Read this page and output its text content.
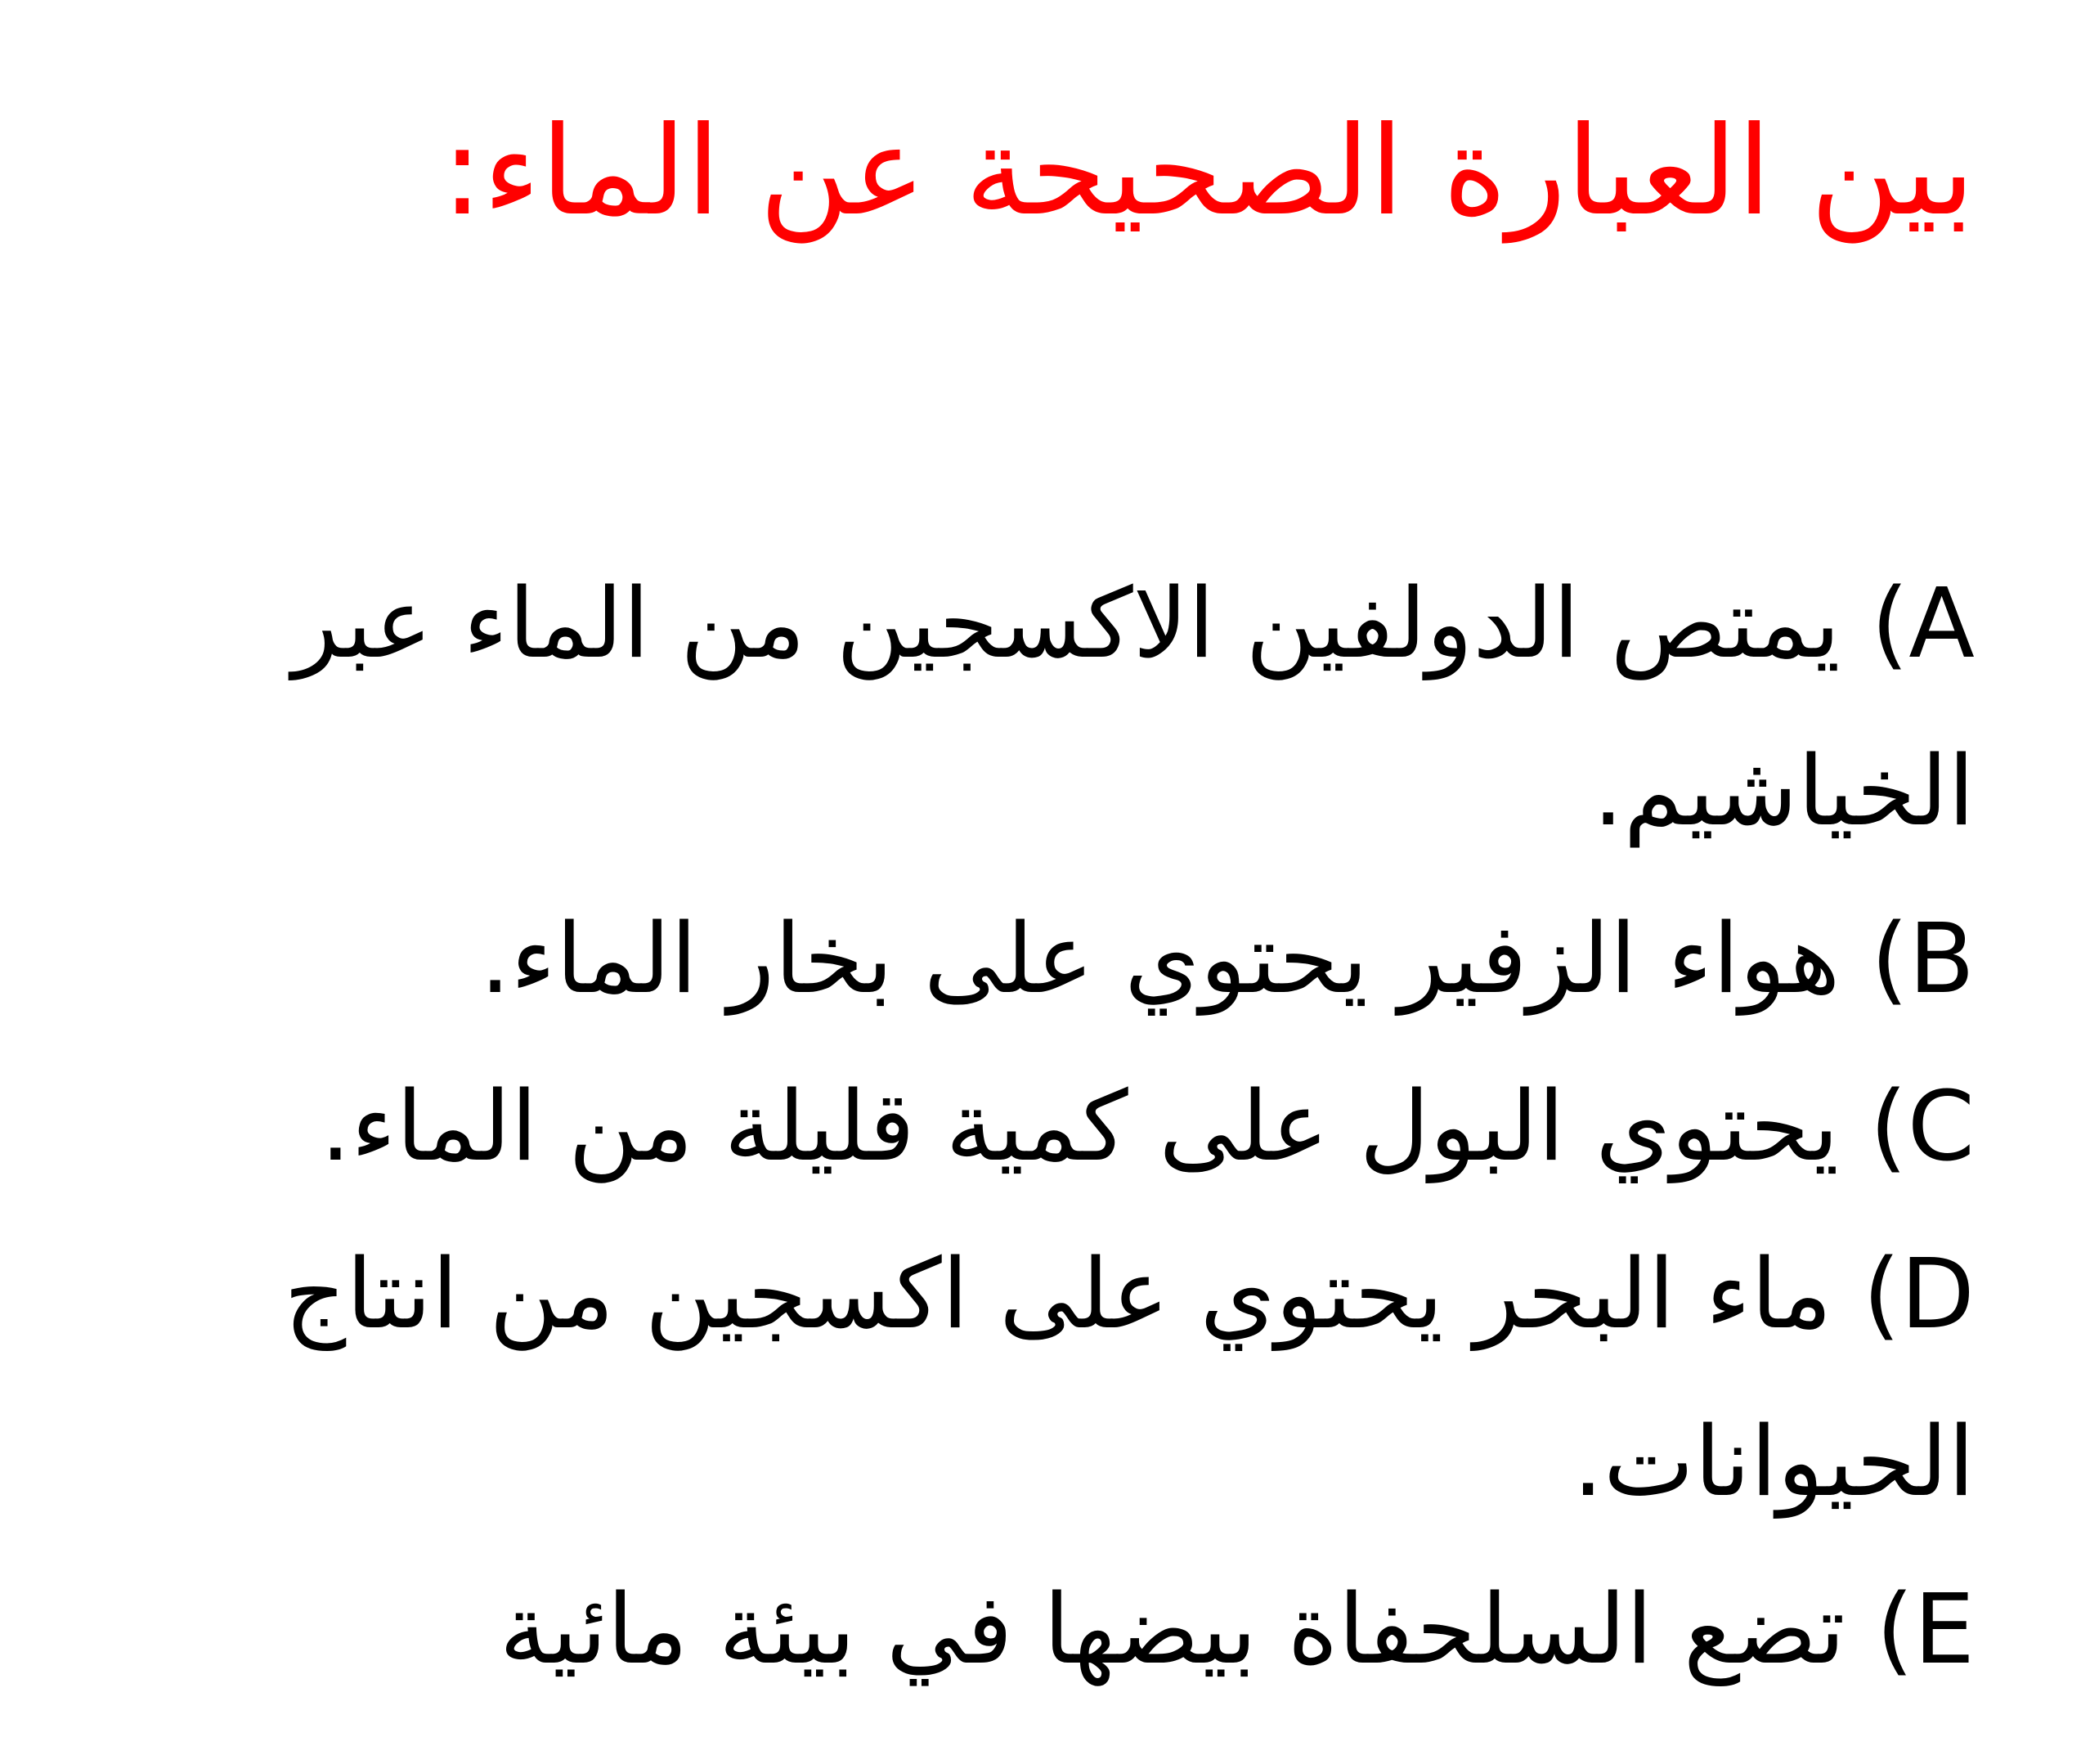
بين العبارة الصحيحة عن الماء:
A) يمتص الدولفين الاكسجين من الماء عبر الخياشيم.
B) هواء الزفير يحتوي على بخار الماء.
C) يحتوي البول على كمية قليلة من الماء.
D) ماء البحر يحتوي على اكسجين من انتاج الحيوانات.
E) تضع السلحفاة بيضها في بيئة مائية
